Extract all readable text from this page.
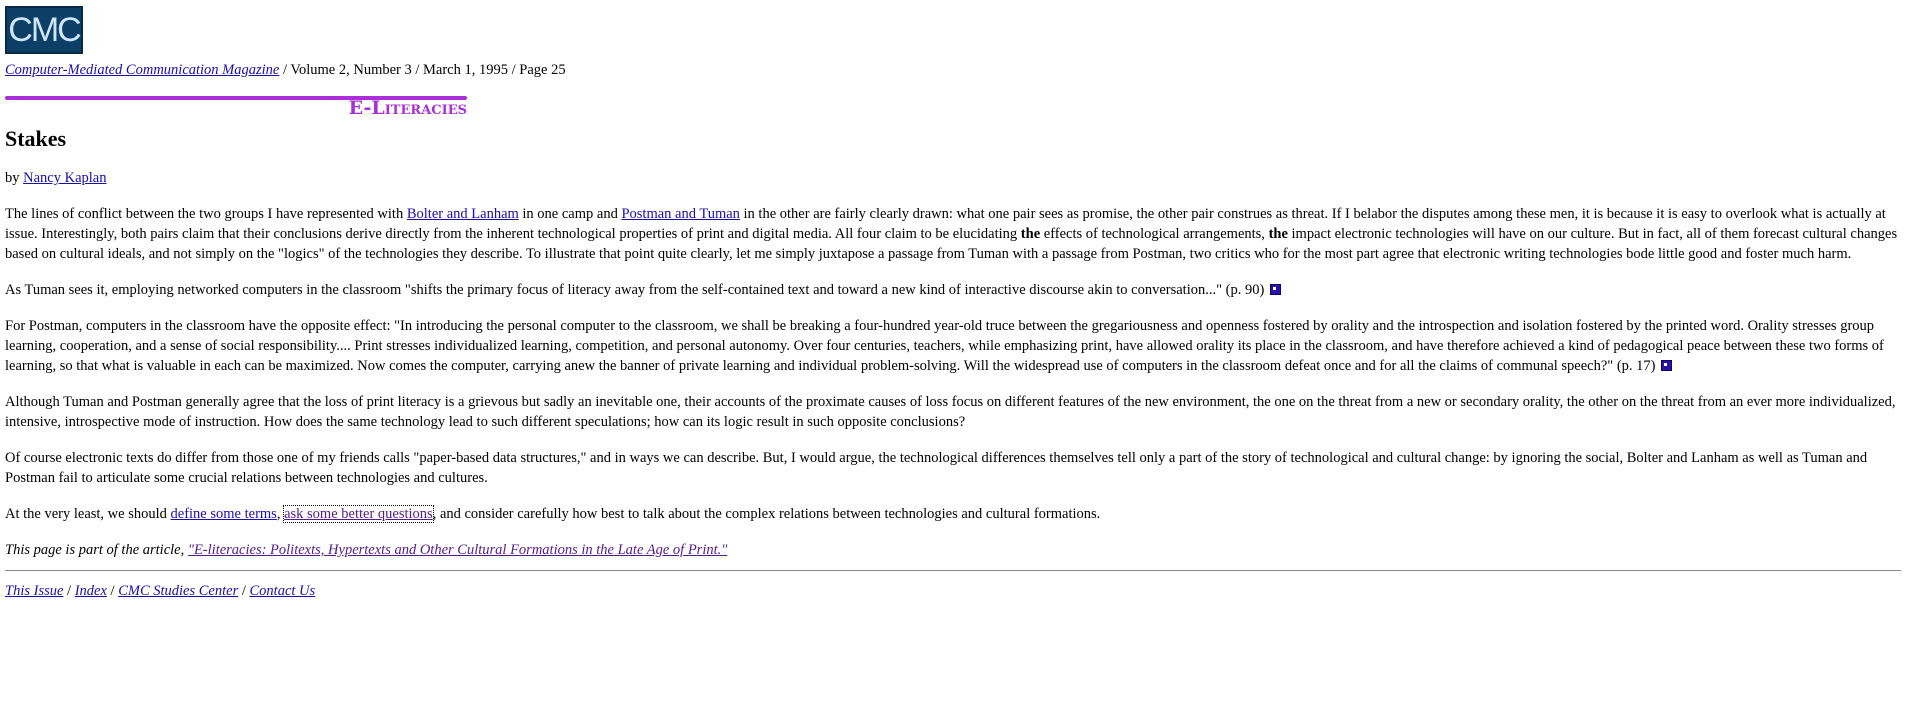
CMC
Computer-Mediated Communication Magazine / Volume 2, Number 3 / March 1, 1995 / Page 25
E-Literacies
Stakes

by Nancy Kaplan

The lines of conflict between the two groups I have represented with Bolter and Lanham in one camp and Postman and Tuman in the other are fairly clearly drawn: what one pair sees as promise, the other pair construes as threat. If I belabor the disputes among these men, it is because it is easy to overlook what is actually at issue. Interestingly, both pairs claim that their conclusions derive directly from the inherent technological properties of print and digital media. All four claim to be elucidating the effects of technological arrangements, the impact electronic technologies will have on our culture. But in fact, all of them forecast cultural changes based on cultural ideals, and not simply on the "logics" of the technologies they describe. To illustrate that point quite clearly, let me simply juxtapose a passage from Tuman with a passage from Postman, two critics who for the most part agree that electronic writing technologies bode little good and foster much harm.

As Tuman sees it, employing networked computers in the classroom "shifts the primary focus of literacy away from the self-contained text and toward a new kind of interactive discourse akin to conversation..." (p. 90)

For Postman, computers in the classroom have the opposite effect: "In introducing the personal computer to the classroom, we shall be breaking a four-hundred year-old truce between the gregariousness and openness fostered by orality and the introspection and isolation fostered by the printed word. Orality stresses group learning, cooperation, and a sense of social responsibility.... Print stresses individualized learning, competition, and personal autonomy. Over four centuries, teachers, while emphasizing print, have allowed orality its place in the classroom, and have therefore achieved a kind of pedagogical peace between these two forms of learning, so that what is valuable in each can be maximized. Now comes the computer, carrying anew the banner of private learning and individual problem-solving. Will the widespread use of computers in the classroom defeat once and for all the claims of communal speech?" (p. 17)

Although Tuman and Postman generally agree that the loss of print literacy is a grievous but sadly an inevitable one, their accounts of the proximate causes of loss focus on different features of the new environment, the one on the threat from a new or secondary orality, the other on the threat from an ever more individualized, intensive, introspective mode of instruction. How does the same technology lead to such different speculations; how can its logic result in such opposite conclusions?

Of course electronic texts do differ from those one of my friends calls "paper-based data structures," and in ways we can describe. But, I would argue, the technological differences themselves tell only a part of the story of technological and cultural change: by ignoring the social, Bolter and Lanham as well as Tuman and Postman fail to articulate some crucial relations between technologies and cultures.

At the very least, we should define some terms, ask some better questions, and consider carefully how best to talk about the complex relations between technologies and cultural formations.

This page is part of the article, "E-literacies: Politexts, Hypertexts and Other Cultural Formations in the Late Age of Print."
This Issue / Index / CMC Studies Center / Contact Us
